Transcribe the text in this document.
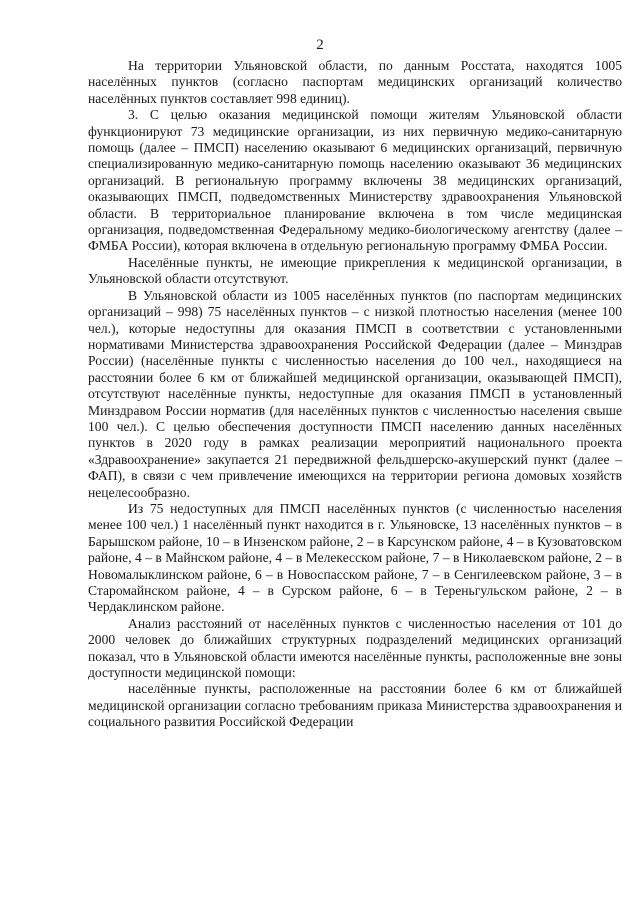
2

На территории Ульяновской области, по данным Росстата, находятся 1005 населённых пунктов (согласно паспортам медицинских организаций количество населённых пунктов составляет 998 единиц).

3. С целью оказания медицинской помощи жителям Ульяновской области функционируют 73 медицинские организации, из них первичную медико-санитарную помощь (далее – ПМСП) населению оказывают 6 медицинских организаций, первичную специализированную медико-санитарную помощь населению оказывают 36 медицинских организаций. В региональную программу включены 38 медицинских организаций, оказывающих ПМСП, подведомственных Министерству здравоохранения Ульяновской области. В территориальное планирование включена в том числе медицинская организация, подведомственная Федеральному медико-биологическому агентству (далее – ФМБА России), которая включена в отдельную региональную программу ФМБА России.

Населённые пункты, не имеющие прикрепления к медицинской организации, в Ульяновской области отсутствуют.

В Ульяновской области из 1005 населённых пунктов (по паспортам медицинских организаций – 998) 75 населённых пунктов – с низкой плотностью населения (менее 100 чел.), которые недоступны для оказания ПМСП в соответствии с установленными нормативами Министерства здравоохранения Российской Федерации (далее – Минздрав России) (населённые пункты с численностью населения до 100 чел., находящиеся на расстоянии более 6 км от ближайшей медицинской организации, оказывающей ПМСП), отсутствуют населённые пункты, недоступные для оказания ПМСП в установленный Минздравом России норматив (для населённых пунктов с численностью населения свыше 100 чел.). С целью обеспечения доступности ПМСП населению данных населённых пунктов в 2020 году в рамках реализации мероприятий национального проекта «Здравоохранение» закупается 21 передвижной фельдшерско-акушерский пункт (далее – ФАП), в связи с чем привлечение имеющихся на территории региона домовых хозяйств нецелесообразно.

Из 75 недоступных для ПМСП населённых пунктов (с численностью населения менее 100 чел.) 1 населённый пункт находится в г. Ульяновске, 13 населённых пунктов – в Барышском районе, 10 – в Инзенском районе, 2 – в Карсунском районе, 4 – в Кузоватовском районе, 4 – в Майнском районе, 4 – в Мелекесском районе, 7 – в Николаевском районе, 2 – в Новомалыклинском районе, 6 – в Новоспасском районе, 7 – в Сенгилеевском районе, 3 – в Старомайнском районе, 4 – в Сурском районе, 6 – в Тереньгульском районе, 2 – в Чердаклинском районе.

Анализ расстояний от населённых пунктов с численностью населения от 101 до 2000 человек до ближайших структурных подразделений медицинских организаций показал, что в Ульяновской области имеются населённые пункты, расположенные вне зоны доступности медицинской помощи:

населённые пункты, расположенные на расстоянии более 6 км от ближайшей медицинской организации согласно требованиям приказа Министерства здравоохранения и социального развития Российской Федерации
